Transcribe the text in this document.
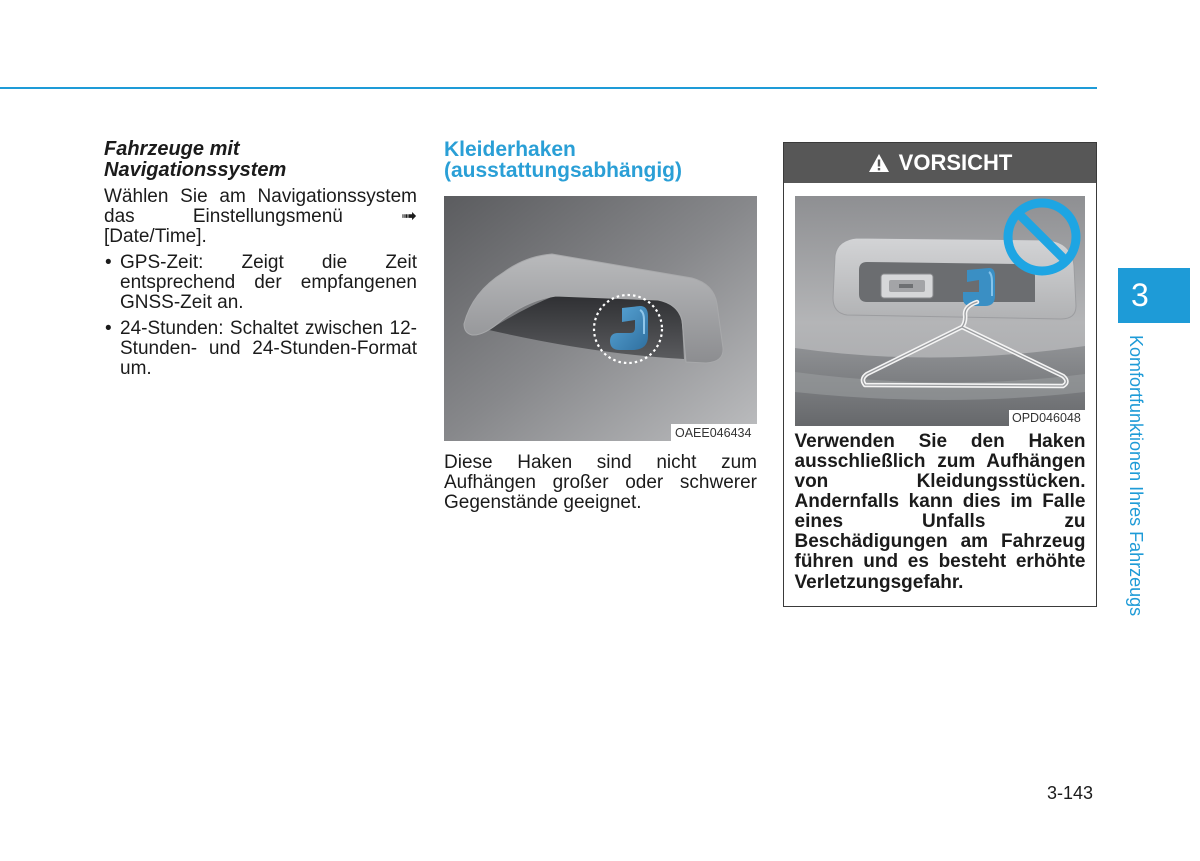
Fahrzeuge mit
Navigationssystem

Wählen Sie am Navigationssystem das Einstellungsmenü ➟ [Date/Time].

• GPS-Zeit: Zeigt die Zeit entsprechend der empfangenen GNSS-Zeit an.
• 24-Stunden: Schaltet zwischen 12-Stunden- und 24-Stunden-Format um.
Kleiderhaken (ausstattungsabhängig)
OAEE046434

Diese Haken sind nicht zum Aufhängen großer oder schwerer Gegenstände geeignet.

VORSICHT
OPD046048

Verwenden Sie den Haken ausschließlich zum Aufhängen von Kleidungsstücken. Andernfalls kann dies im Falle eines Unfalls zu Beschädigungen am Fahrzeug führen und es besteht erhöhte Verletzungsgefahr.

3
Komfortfunktionen Ihres Fahrzeugs
3-143
